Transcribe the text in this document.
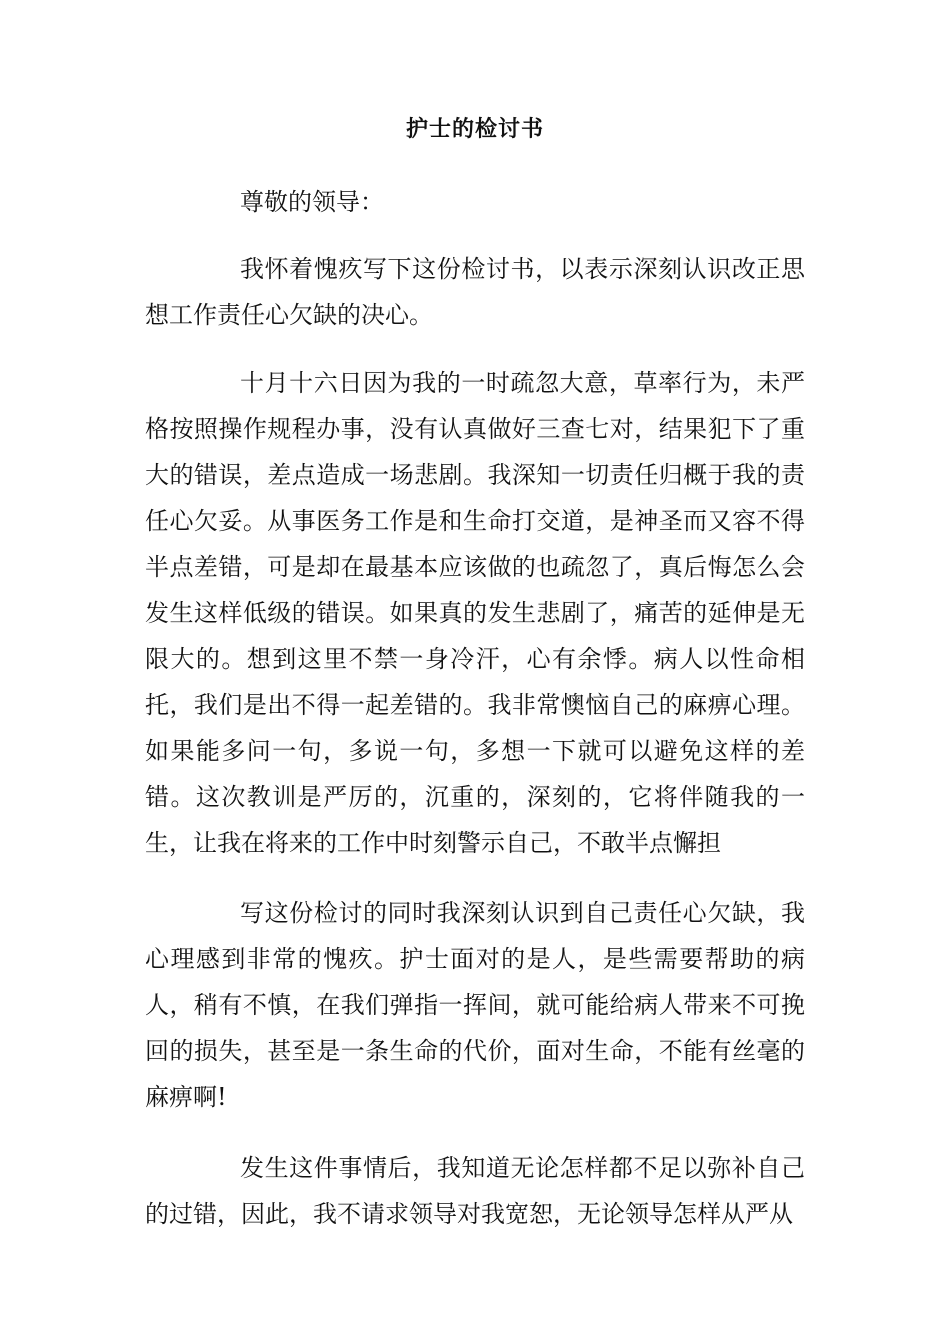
护士的检讨书

尊敬的领导：

我怀着愧疚写下这份检讨书，以表示深刻认识改正思想工作责任心欠缺的决心。

十月十六日因为我的一时疏忽大意，草率行为，未严格按照操作规程办事，没有认真做好三查七对，结果犯下了重大的错误，差点造成一场悲剧。我深知一切责任归概于我的责任心欠妥。从事医务工作是和生命打交道，是神圣而又容不得半点差错，可是却在最基本应该做的也疏忽了，真后悔怎么会发生这样低级的错误。如果真的发生悲剧了，痛苦的延伸是无限大的。想到这里不禁一身冷汗，心有余悸。病人以性命相托，我们是出不得一起差错的。我非常懊恼自己的麻痹心理。如果能多问一句，多说一句，多想一下就可以避免这样的差错。这次教训是严厉的，沉重的，深刻的，它将伴随我的一生，让我在将来的工作中时刻警示自己，不敢半点懈担

写这份检讨的同时我深刻认识到自己责任心欠缺，我心理感到非常的愧疚。护士面对的是人，是些需要帮助的病人，稍有不慎，在我们弹指一挥间，就可能给病人带来不可挽回的损失，甚至是一条生命的代价，面对生命，不能有丝毫的麻痹啊!

发生这件事情后，我知道无论怎样都不足以弥补自己的过错，因此，我不请求领导对我宽恕，无论领导怎样从严从
